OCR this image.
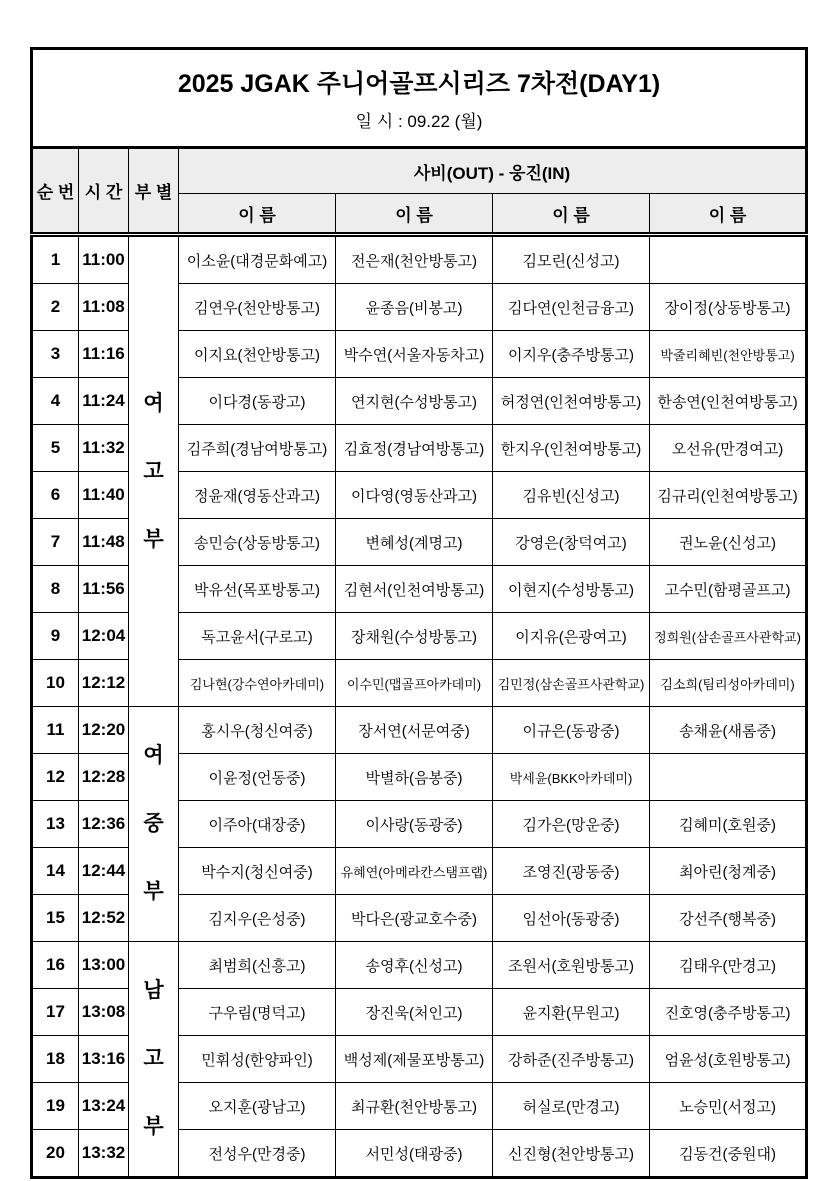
2025 JGAK 주니어골프시리즈 7차전(DAY1)
일 시 : 09.22 (월)						

순 번	시 간	부 별	사비(OUT) - 웅진(IN)			
			이 름	이 름	이 름	이 름
1	11:00	여고부	이소윤(대경문화예고)	전은재(천안방통고)	김모린(신성고)	
2	11:08		김연우(천안방통고)	윤종음(비봉고)	김다연(인천금융고)	장이정(상동방통고)
3	11:16		이지요(천안방통고)	박수연(서울자동차고)	이지우(충주방통고)	박줄리혜빈(천안방통고)
4	11:24		이다경(동광고)	연지현(수성방통고)	허정연(인천여방통고)	한송연(인천여방통고)
5	11:32		김주희(경남여방통고)	김효정(경남여방통고)	한지우(인천여방통고)	오선유(만경여고)
6	11:40		정윤재(영동산과고)	이다영(영동산과고)	김유빈(신성고)	김규리(인천여방통고)
7	11:48		송민승(상동방통고)	변혜성(계명고)	강영은(창덕여고)	권노윤(신성고)
8	11:56		박유선(목포방통고)	김현서(인천여방통고)	이현지(수성방통고)	고수민(함평골프고)
9	12:04		독고윤서(구로고)	장채원(수성방통고)	이지유(은광여고)	정희원(삼손골프사관학교)
10	12:12		김나현(강수연아카데미)	이수민(맵골프아카데미)	김민정(삼손골프사관학교)	김소희(팀리성아카데미)
11	12:20	여중부	홍시우(청신여중)	장서연(서문여중)	이규은(동광중)	송채윤(새롬중)
12	12:28		이윤정(언동중)	박별하(음봉중)	박세윤(BKK아카데미)	
13	12:36		이주아(대장중)	이사랑(동광중)	김가은(망운중)	김혜미(호원중)
14	12:44		박수지(청신여중)	유혜연(아메라칸스탬프랩)	조영진(광동중)	최아린(청계중)
15	12:52		김지우(은성중)	박다은(광교호수중)	임선아(동광중)	강선주(행복중)
16	13:00	남고부	최범희(신흥고)	송영후(신성고)	조원서(호원방통고)	김태우(만경고)
17	13:08		구우림(명덕고)	장진욱(처인고)	윤지환(무원고)	진호영(충주방통고)
18	13:16		민휘성(한양파인)	백성제(제물포방통고)	강하준(진주방통고)	엄윤성(호원방통고)
19	13:24		오지훈(광남고)	최규환(천안방통고)	허실로(만경고)	노승민(서정고)
20	13:32		전성우(만경중)	서민성(태광중)	신진형(천안방통고)	김동건(중원대)
